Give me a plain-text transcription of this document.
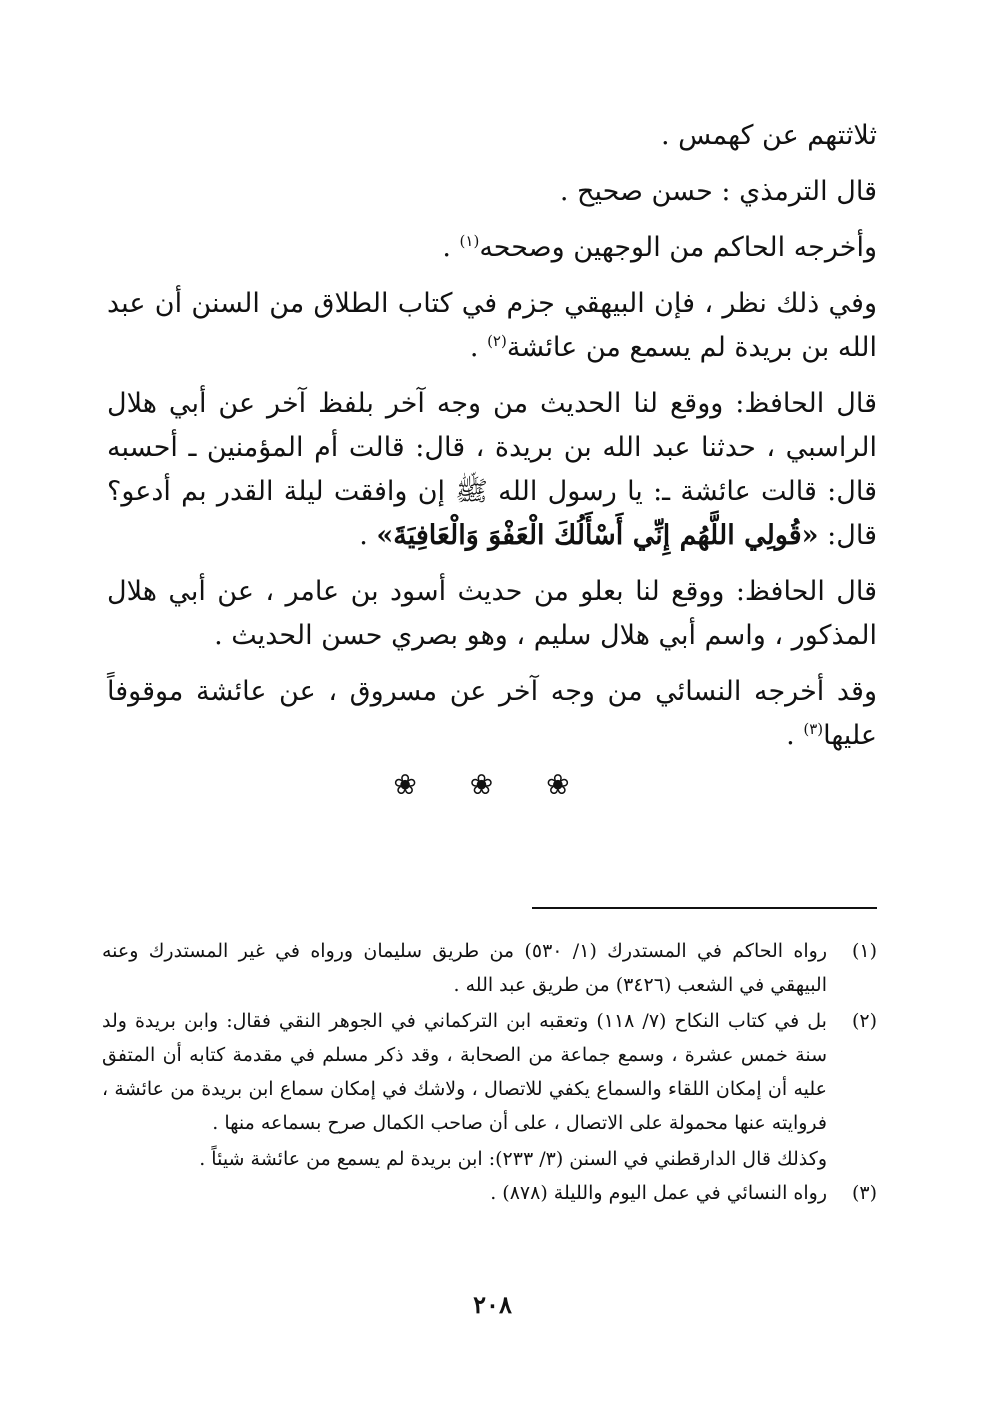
ثلاثتهم عن كهمس .

قال الترمذي : حسن صحيح .

وأخرجه الحاكم من الوجهين وصححه$^{(١)}$ .

وفي ذلك نظر ، فإن البيهقي جزم في كتاب الطلاق من السنن أن عبد الله بن بريدة لم يسمع من عائشة$^{(٢)}$ .

قال الحافظ: ووقع لنا الحديث من وجه آخر بلفظ آخر عن أبي هلال الراسبي ، حدثنا عبد الله بن بريدة ، قال: قالت أم المؤمنين ـ أحسبه قال: قالت عائشة ـ: يا رسول الله ﷺ إن وافقت ليلة القدر بم أدعو؟ قال: «قُولِي اللَّهُم إِنِّي أَسْأَلُكَ الْعَفْوَ وَالْعَافِيَةَ» .

قال الحافظ: ووقع لنا بعلو من حديث أسود بن عامر ، عن أبي هلال المذكور ، واسم أبي هلال سليم ، وهو بصري حسن الحديث .

وقد أخرجه النسائي من وجه آخر عن مسروق ، عن عائشة موقوفاً عليها$^{(٣)}$ .

❀ ❀ ❀
(١)
رواه الحاكم في المستدرك (١/ ٥٣٠) من طريق سليمان ورواه في غير المستدرك وعنه البيهقي في الشعب (٣٤٢٦) من طريق عبد الله .
(٢)
بل في كتاب النكاح (٧/ ١١٨) وتعقبه ابن التركماني في الجوهر النقي فقال: وابن بريدة ولد سنة خمس عشرة ، وسمع جماعة من الصحابة ، وقد ذكر مسلم في مقدمة كتابه أن المتفق عليه أن إمكان اللقاء والسماع يكفي للاتصال ، ولاشك في إمكان سماع ابن بريدة من عائشة ، فروايته عنها محمولة على الاتصال ، على أن صاحب الكمال صرح بسماعه منها .
وكذلك قال الدارقطني في السنن (٣/ ٢٣٣): ابن بريدة لم يسمع من عائشة شيئاً .
(٣)
رواه النسائي في عمل اليوم والليلة (٨٧٨) .
٢٠٨
